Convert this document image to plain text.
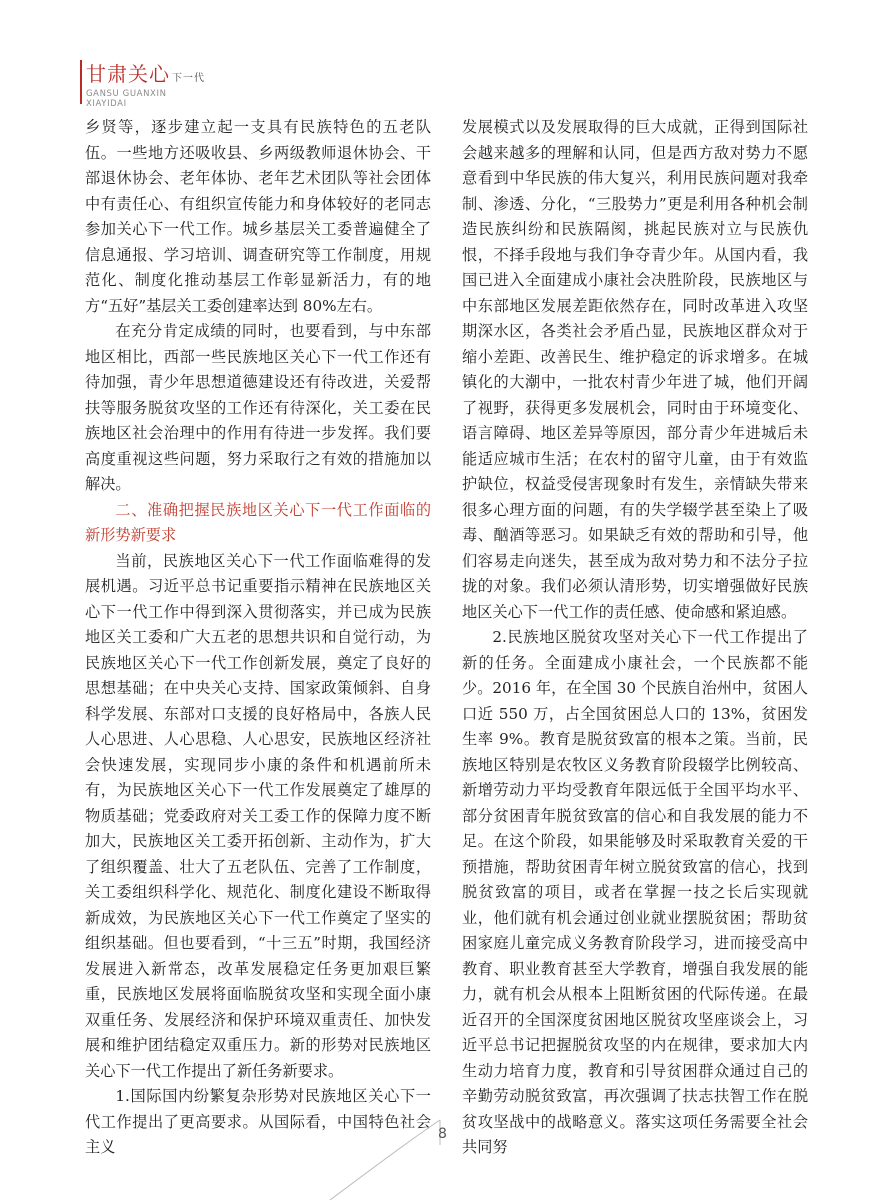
甘肃关心 下一代
GANSU GUANXIN
XIAYIDAI

乡贤等，逐步建立起一支具有民族特色的五老队伍。一些地方还吸收县、乡两级教师退休协会、干部退休协会、老年体协、老年艺术团队等社会团体中有责任心、有组织宣传能力和身体较好的老同志参加关心下一代工作。城乡基层关工委普遍健全了信息通报、学习培训、调查研究等工作制度，用规范化、制度化推动基层工作彰显新活力，有的地方“五好”基层关工委创建率达到 80%左右。

在充分肯定成绩的同时，也要看到，与中东部地区相比，西部一些民族地区关心下一代工作还有待加强，青少年思想道德建设还有待改进，关爱帮扶等服务脱贫攻坚的工作还有待深化，关工委在民族地区社会治理中的作用有待进一步发挥。我们要高度重视这些问题，努力采取行之有效的措施加以解决。

二、准确把握民族地区关心下一代工作面临的新形势新要求

当前，民族地区关心下一代工作面临难得的发展机遇。习近平总书记重要指示精神在民族地区关心下一代工作中得到深入贯彻落实，并已成为民族地区关工委和广大五老的思想共识和自觉行动，为民族地区关心下一代工作创新发展，奠定了良好的思想基础；在中央关心支持、国家政策倾斜、自身科学发展、东部对口支援的良好格局中，各族人民人心思进、人心思稳、人心思安，民族地区经济社会快速发展，实现同步小康的条件和机遇前所未有，为民族地区关心下一代工作发展奠定了雄厚的物质基础；党委政府对关工委工作的保障力度不断加大，民族地区关工委开拓创新、主动作为，扩大了组织覆盖、壮大了五老队伍、完善了工作制度，关工委组织科学化、规范化、制度化建设不断取得新成效，为民族地区关心下一代工作奠定了坚实的组织基础。但也要看到，“十三五”时期，我国经济发展进入新常态，改革发展稳定任务更加艰巨繁重，民族地区发展将面临脱贫攻坚和实现全面小康双重任务、发展经济和保护环境双重责任、加快发展和维护团结稳定双重压力。新的形势对民族地区关心下一代工作提出了新任务新要求。

1.国际国内纷繁复杂形势对民族地区关心下一代工作提出了更高要求。从国际看，中国特色社会主义

发展模式以及发展取得的巨大成就，正得到国际社会越来越多的理解和认同，但是西方敌对势力不愿意看到中华民族的伟大复兴，利用民族问题对我牵制、渗透、分化，“三股势力”更是利用各种机会制造民族纠纷和民族隔阂，挑起民族对立与民族仇恨，不择手段地与我们争夺青少年。从国内看，我国已进入全面建成小康社会决胜阶段，民族地区与中东部地区发展差距依然存在，同时改革进入攻坚期深水区，各类社会矛盾凸显，民族地区群众对于缩小差距、改善民生、维护稳定的诉求增多。在城镇化的大潮中，一批农村青少年进了城，他们开阔了视野，获得更多发展机会，同时由于环境变化、语言障碍、地区差异等原因，部分青少年进城后未能适应城市生活；在农村的留守儿童，由于有效监护缺位，权益受侵害现象时有发生，亲情缺失带来很多心理方面的问题，有的失学辍学甚至染上了吸毒、酗酒等恶习。如果缺乏有效的帮助和引导，他们容易走向迷失，甚至成为敌对势力和不法分子拉拢的对象。我们必须认清形势，切实增强做好民族地区关心下一代工作的责任感、使命感和紧迫感。

2.民族地区脱贫攻坚对关心下一代工作提出了新的任务。全面建成小康社会，一个民族都不能少。2016 年，在全国 30 个民族自治州中，贫困人口近 550 万，占全国贫困总人口的 13%，贫困发生率 9%。教育是脱贫致富的根本之策。当前，民族地区特别是农牧区义务教育阶段辍学比例较高、新增劳动力平均受教育年限远低于全国平均水平、部分贫困青年脱贫致富的信心和自我发展的能力不足。在这个阶段，如果能够及时采取教育关爱的干预措施，帮助贫困青年树立脱贫致富的信心，找到脱贫致富的项目，或者在掌握一技之长后实现就业，他们就有机会通过创业就业摆脱贫困；帮助贫困家庭儿童完成义务教育阶段学习，进而接受高中教育、职业教育甚至大学教育，增强自我发展的能力，就有机会从根本上阻断贫困的代际传递。在最近召开的全国深度贫困地区脱贫攻坚座谈会上，习近平总书记把握脱贫攻坚的内在规律，要求加大内生动力培育力度，教育和引导贫困群众通过自己的辛勤劳动脱贫致富，再次强调了扶志扶智工作在脱贫攻坚战中的战略意义。落实这项任务需要全社会共同努

8
